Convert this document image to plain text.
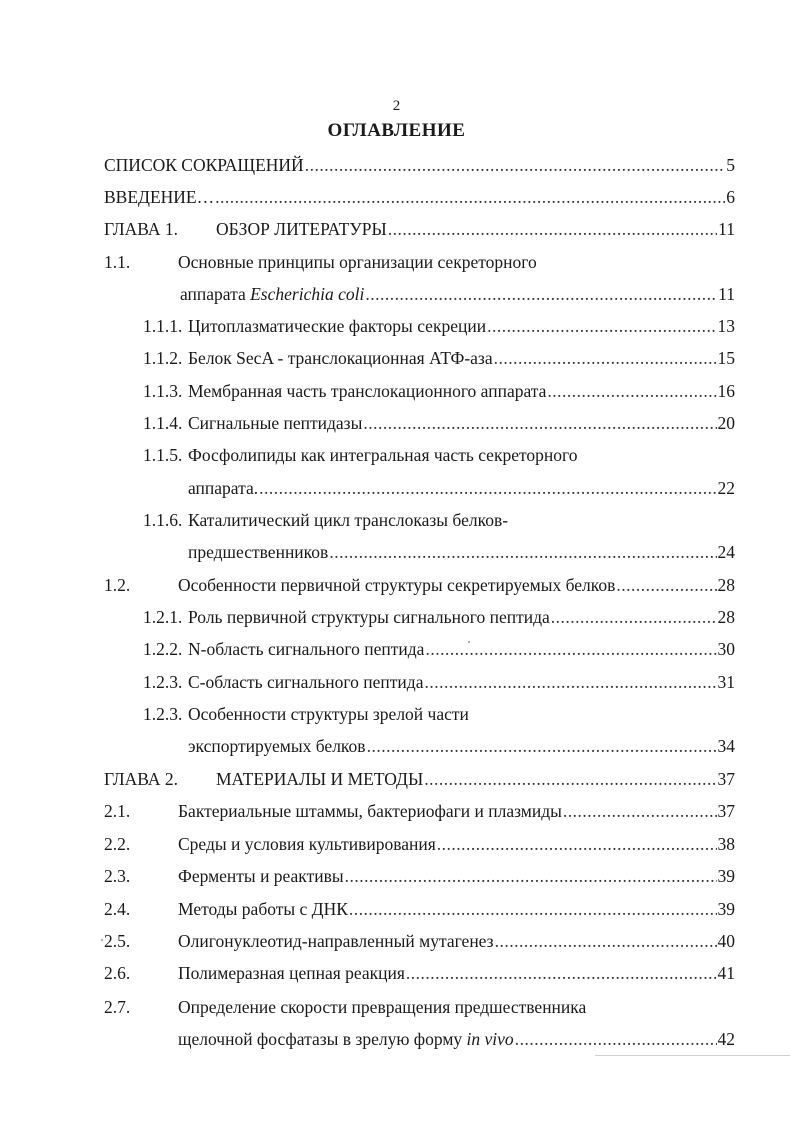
2
ОГЛАВЛЕНИЕ
СПИСОК СОКРАЩЕНИЙ .....	5
ВВЕДЕНИЕ… .....	6
ГЛАВА 1.	ОБЗОР ЛИТЕРАТУРЫ .....	11
1.1.	Основные принципы организации секреторного
аппарата Escherichia coli .....	11
1.1.1. Цитоплазматические факторы секреции .....	13
1.1.2. Белок SecA - транслокационная АТФ-аза .....	15
1.1.3. Мембранная часть транслокационного аппарата .....	16
1.1.4. Сигнальные пептидазы .....	20
1.1.5. Фосфолипиды как интегральная часть секреторного
аппарата. .....	22
1.1.6. Каталитический цикл транслоказы белков-
предшественников .....	24
1.2.	Особенности первичной структуры секретируемых белков .....	28
1.2.1. Роль первичной структуры сигнального пептида .....	28
1.2.2. N-область сигнального пептида .....	30
1.2.3. С-область сигнального пептида .....	31
1.2.3. Особенности структуры зрелой части
экспортируемых белков .....	34
ГЛАВА 2.	МАТЕРИАЛЫ И МЕТОДЫ .....	37
2.1.	Бактериальные штаммы, бактериофаги и плазмиды .....	37
2.2.	Среды и условия культивирования .....	38
2.3.	Ферменты и реактивы .....	39
2.4.	Методы работы с ДНК .....	39
2.5.	Олигонуклеотид-направленный мутагенез .....	40
2.6.	Полимеразная цепная реакция .....	41
2.7.	Определение скорости превращения предшественника
щелочной фосфатазы в зрелую форму in vivo .....	42
